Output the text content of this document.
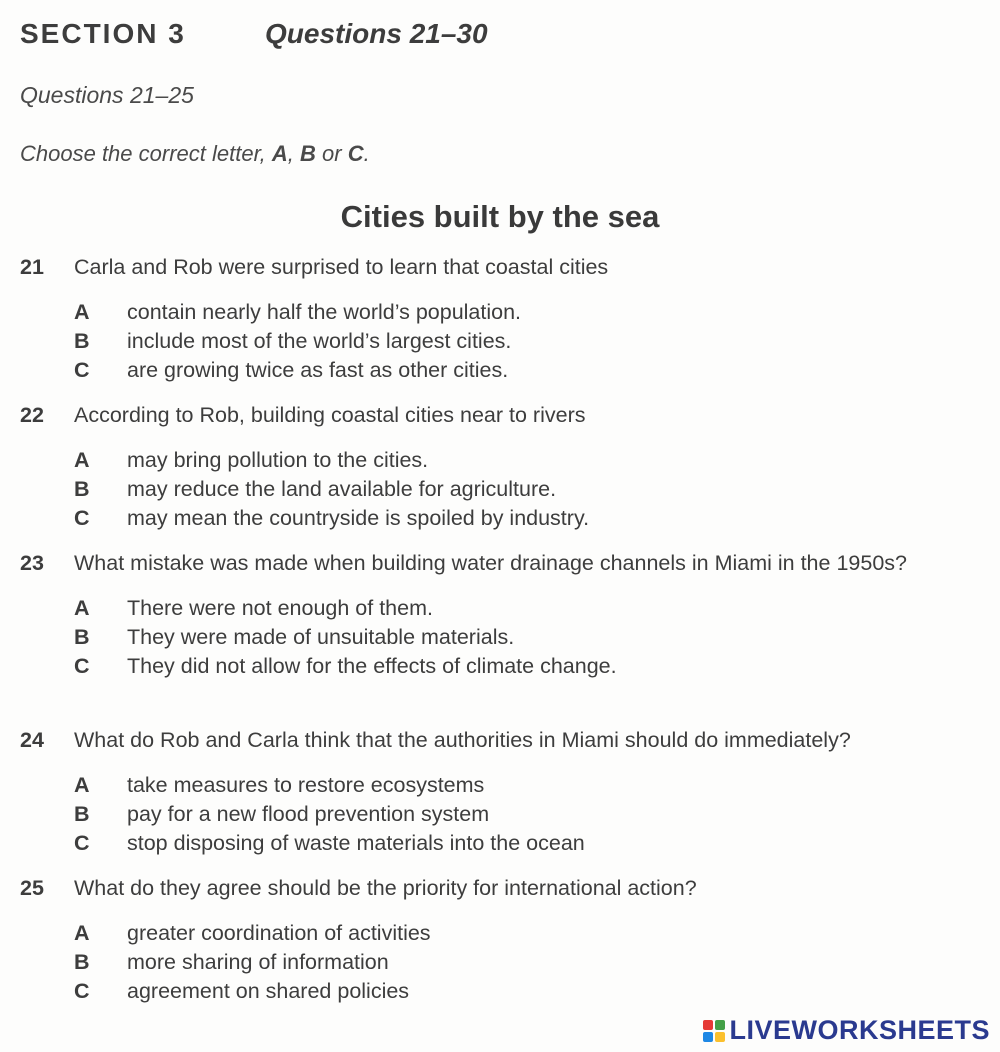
SECTION 3	Questions 21–30
Questions 21–25
Choose the correct letter, A, B or C.
Cities built by the sea
21 Carla and Rob were surprised to learn that coastal cities
A contain nearly half the world’s population.
B include most of the world’s largest cities.
C are growing twice as fast as other cities.
22 According to Rob, building coastal cities near to rivers
A may bring pollution to the cities.
B may reduce the land available for agriculture.
C may mean the countryside is spoiled by industry.
23 What mistake was made when building water drainage channels in Miami in the 1950s?
A There were not enough of them.
B They were made of unsuitable materials.
C They did not allow for the effects of climate change.
24 What do Rob and Carla think that the authorities in Miami should do immediately?
A take measures to restore ecosystems
B pay for a new flood prevention system
C stop disposing of waste materials into the ocean
25 What do they agree should be the priority for international action?
A greater coordination of activities
B more sharing of information
C agreement on shared policies
LIVEWORKSHEETS
